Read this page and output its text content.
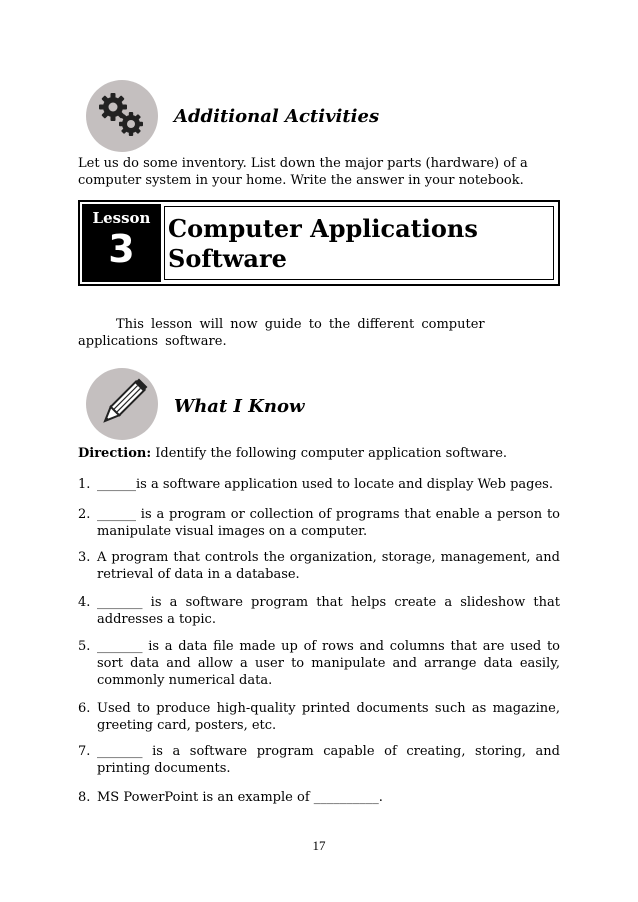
Additional Activities
Let us do some inventory. List down the major parts (hardware) of a computer system in your home. Write the answer in your notebook.
Lesson
3	Computer Applications
Software
This lesson will now guide to the different computer applications software.
What I Know
Direction: Identify the following computer application software.
1. ______is a software application used to locate and display Web pages.
2. ______ is a program or collection of programs that enable a person to manipulate visual images on a computer.
3. A program that controls the organization, storage, management, and retrieval of data in a database.
4. _______ is a software program that helps create a slideshow that addresses a topic.
5. _______ is a data file made up of rows and columns that are used to sort data and allow a user to manipulate and arrange data easily, commonly numerical data.
6. Used to produce high-quality printed documents such as magazine, greeting card, posters, etc.
7. _______ is a software program capable of creating, storing, and printing documents.
8. MS PowerPoint is an example of __________.
17
